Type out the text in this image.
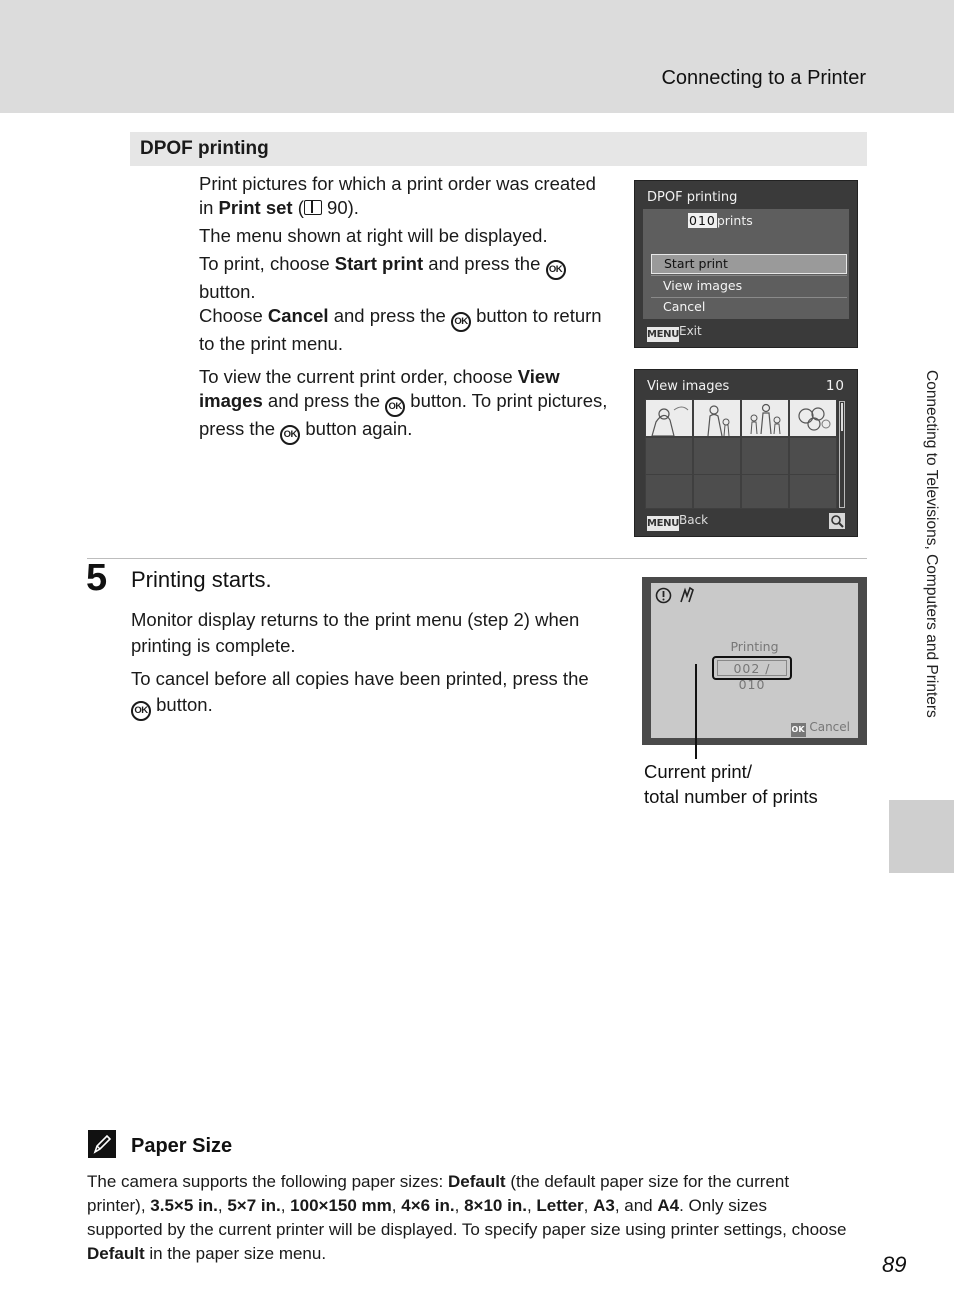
Connecting to a Printer
Connecting to Televisions, Computers and Printers
DPOF printing
Print pictures for which a print order was created in Print set ( 90).
The menu shown at right will be displayed.
To print, choose Start print and press the OK button.
Choose Cancel and press the OK button to return to the print menu.
To view the current print order, choose View images and press the OK button. To print pictures, press the OK button again.
DPOF printing
010prints
Start print
View images
Cancel
MENUExit
View images	10
MENUBack
5 Printing starts.
Monitor display returns to the print menu (step 2) when printing is complete.
To cancel before all copies have been printed, press the OK button.
Printing
002 / 010
OK Cancel
Current print/
total number of prints
Paper Size
The camera supports the following paper sizes: Default (the default paper size for the current printer), 3.5×5 in., 5×7 in., 100×150 mm, 4×6 in., 8×10 in., Letter, A3, and A4. Only sizes supported by the current printer will be displayed. To specify paper size using printer settings, choose Default in the paper size menu.	89
